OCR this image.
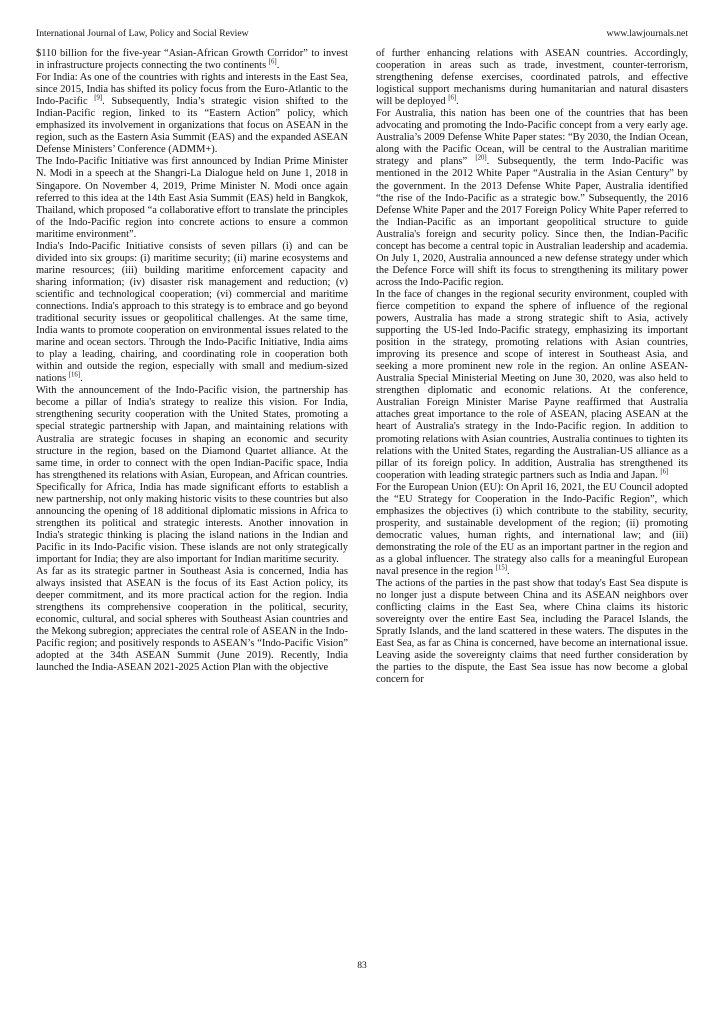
International Journal of Law, Policy and Social Review	www.lawjournals.net

$110 billion for the five-year “Asian-African Growth Corridor” to invest in infrastructure projects connecting the two continents [6].

For India: As one of the countries with rights and interests in the East Sea, since 2015, India has shifted its policy focus from the Euro-Atlantic to the Indo-Pacific [9]. Subsequently, India’s strategic vision shifted to the Indian-Pacific region, linked to its “Eastern Action” policy, which emphasized its involvement in organizations that focus on ASEAN in the region, such as the Eastern Asia Summit (EAS) and the expanded ASEAN Defense Ministers’ Conference (ADMM+).

The Indo-Pacific Initiative was first announced by Indian Prime Minister N. Modi in a speech at the Shangri-La Dialogue held on June 1, 2018 in Singapore. On November 4, 2019, Prime Minister N. Modi once again referred to this idea at the 14th East Asia Summit (EAS) held in Bangkok, Thailand, which proposed “a collaborative effort to translate the principles of the Indo-Pacific region into concrete actions to ensure a common maritime environment”.

India's Indo-Pacific Initiative consists of seven pillars (i) and can be divided into six groups: (i) maritime security; (ii) marine ecosystems and marine resources; (iii) building maritime enforcement capacity and sharing information; (iv) disaster risk management and reduction; (v) scientific and technological cooperation; (vi) commercial and maritime connections. India's approach to this strategy is to embrace and go beyond traditional security issues or geopolitical challenges. At the same time, India wants to promote cooperation on environmental issues related to the marine and ocean sectors. Through the Indo-Pacific Initiative, India aims to play a leading, chairing, and coordinating role in cooperation both within and outside the region, especially with small and medium-sized nations [16].

With the announcement of the Indo-Pacific vision, the partnership has become a pillar of India's strategy to realize this vision. For India, strengthening security cooperation with the United States, promoting a special strategic partnership with Japan, and maintaining relations with Australia are strategic focuses in shaping an economic and security structure in the region, based on the Diamond Quartet alliance. At the same time, in order to connect with the open Indian-Pacific space, India has strengthened its relations with Asian, European, and African countries. Specifically for Africa, India has made significant efforts to establish a new partnership, not only making historic visits to these countries but also announcing the opening of 18 additional diplomatic missions in Africa to strengthen its political and strategic interests. Another innovation in India's strategic thinking is placing the island nations in the Indian and Pacific in its Indo-Pacific vision. These islands are not only strategically important for India; they are also important for Indian maritime security.

As far as its strategic partner in Southeast Asia is concerned, India has always insisted that ASEAN is the focus of its East Action policy, its deeper commitment, and its more practical action for the region. India strengthens its comprehensive cooperation in the political, security, economic, cultural, and social spheres with Southeast Asian countries and the Mekong subregion; appreciates the central role of ASEAN in the Indo-Pacific region; and positively responds to ASEAN’s “Indo-Pacific Vision” adopted at the 34th ASEAN Summit (June 2019). Recently, India launched the India-ASEAN 2021-2025 Action Plan with the objective

of further enhancing relations with ASEAN countries. Accordingly, cooperation in areas such as trade, investment, counter-terrorism, strengthening defense exercises, coordinated patrols, and effective logistical support mechanisms during humanitarian and natural disasters will be deployed [6].

For Australia, this nation has been one of the countries that has been advocating and promoting the Indo-Pacific concept from a very early age. Australia’s 2009 Defense White Paper states: “By 2030, the Indian Ocean, along with the Pacific Ocean, will be central to the Australian maritime strategy and plans” [20]. Subsequently, the term Indo-Pacific was mentioned in the 2012 White Paper “Australia in the Asian Century” by the government. In the 2013 Defense White Paper, Australia identified “the rise of the Indo-Pacific as a strategic bow.” Subsequently, the 2016 Defense White Paper and the 2017 Foreign Policy White Paper referred to the Indian-Pacific as an important geopolitical structure to guide Australia's foreign and security policy. Since then, the Indian-Pacific concept has become a central topic in Australian leadership and academia. On July 1, 2020, Australia announced a new defense strategy under which the Defence Force will shift its focus to strengthening its military power across the Indo-Pacific region.

In the face of changes in the regional security environment, coupled with fierce competition to expand the sphere of influence of the regional powers, Australia has made a strong strategic shift to Asia, actively supporting the US-led Indo-Pacific strategy, emphasizing its important position in the strategy, promoting relations with Asian countries, improving its presence and scope of interest in Southeast Asia, and seeking a more prominent new role in the region. An online ASEAN-Australia Special Ministerial Meeting on June 30, 2020, was also held to strengthen diplomatic and economic relations. At the conference, Australian Foreign Minister Marise Payne reaffirmed that Australia attaches great importance to the role of ASEAN, placing ASEAN at the heart of Australia's strategy in the Indo-Pacific region. In addition to promoting relations with Asian countries, Australia continues to tighten its relations with the United States, regarding the Australian-US alliance as a pillar of its foreign policy. In addition, Australia has strengthened its cooperation with leading strategic partners such as India and Japan. [6]

For the European Union (EU): On April 16, 2021, the EU Council adopted the “EU Strategy for Cooperation in the Indo-Pacific Region”, which emphasizes the objectives (i) which contribute to the stability, security, prosperity, and sustainable development of the region; (ii) promoting democratic values, human rights, and international law; and (iii) demonstrating the role of the EU as an important partner in the region and as a global influencer. The strategy also calls for a meaningful European naval presence in the region [15].

The actions of the parties in the past show that today's East Sea dispute is no longer just a dispute between China and its ASEAN neighbors over conflicting claims in the East Sea, where China claims its historic sovereignty over the entire East Sea, including the Paracel Islands, the Spratly Islands, and the land scattered in these waters. The disputes in the East Sea, as far as China is concerned, have become an international issue. Leaving aside the sovereignty claims that need further consideration by the parties to the dispute, the East Sea issue has now become a global concern for

83
